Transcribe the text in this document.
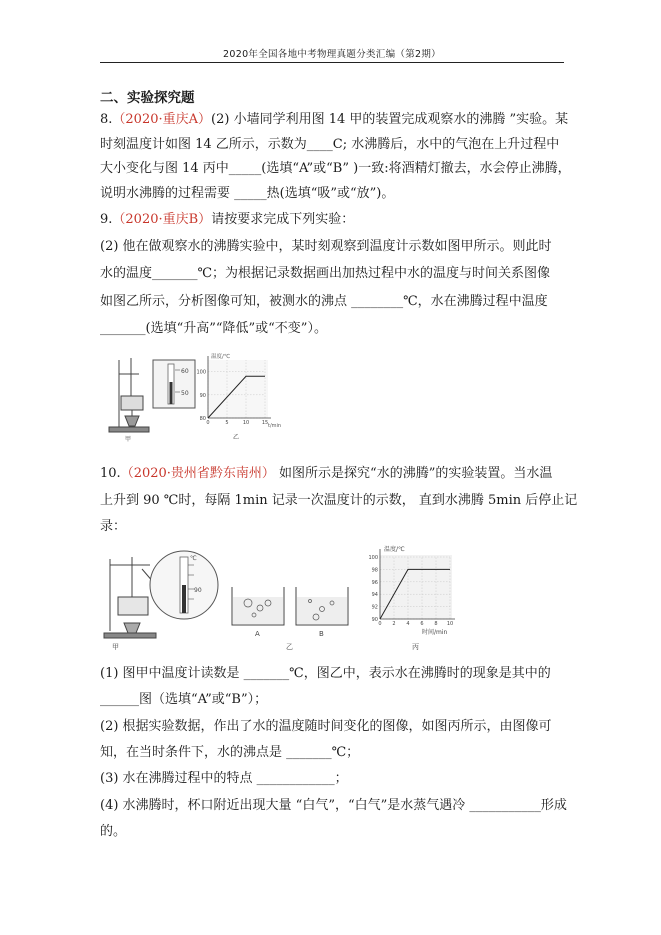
2020年全国各地中考物理真题分类汇编（第2期）
二、实验探究题
8.（2020·重庆A）(2) 小墙同学利用图 14 甲的装置完成观察水的沸腾 ”实验。某
时刻温度计如图 14 乙所示，示数为____C; 水沸腾后，水中的气泡在上升过程中
大小变化与图 14 丙中_____(选填“A”或“B” )一致:将酒精灯撤去，水会停止沸腾，
说明水沸腾的过程需要 _____热(选填“吸”或“放”)。
9.（2020·重庆B）请按要求完成下列实验：
(2) 他在做观察水的沸腾实验中，某时刻观察到温度计示数如图甲所示。则此时
水的温度_______℃；为根据记录数据画出加热过程中水的温度与时间关系图像
如图乙所示，分析图像可知，被测水的沸点 ________℃，水在沸腾过程中温度
_______(选填“升高”“降低”或“不变”）。
60
50
甲
温度/℃
t/min
80
90
100
0	5	10	15
乙
10.（2020·贵州省黔东南州） 如图所示是探究“水的沸腾”的实验装置。当水温
上升到 90 ℃时，每隔 1min 记录一次温度计的示数， 直到水沸腾 5min 后停止记
录：
℃
90
甲
A	B
乙
温度/℃
时间/min
90
92
94
96
98
100
0 2 4 6 8 10
丙
(1) 图甲中温度计读数是 _______℃，图乙中，表示水在沸腾时的现象是其中的
______图（选填“A”或“B”）；
(2) 根据实验数据，作出了水的温度随时间变化的图像，如图丙所示，由图像可
知，在当时条件下，水的沸点是 _______℃；
(3) 水在沸腾过程中的特点 ____________；
(4) 水沸腾时，杯口附近出现大量 “白气”，“白气”是水蒸气遇冷 ___________形成
的。
